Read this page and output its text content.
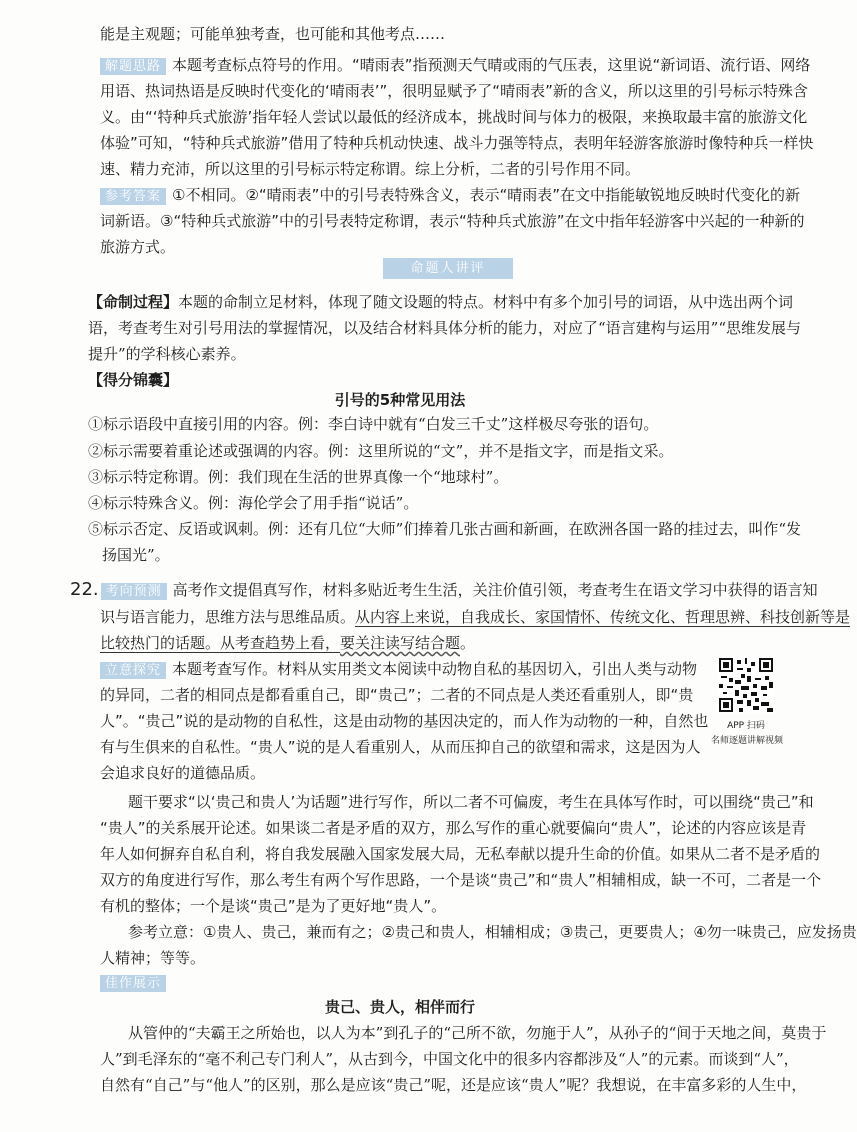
能是主观题；可能单独考查，也可能和其他考点……
解题思路 本题考查标点符号的作用。“晴雨表”指预测天气晴或雨的气压表，这里说“新词语、流行语、网络
用语、热词热语是反映时代变化的‘晴雨表’”，很明显赋予了“晴雨表”新的含义，所以这里的引号标示特殊含
义。由“‘特种兵式旅游’指年轻人尝试以最低的经济成本，挑战时间与体力的极限，来换取最丰富的旅游文化
体验”可知，“特种兵式旅游”借用了特种兵机动快速、战斗力强等特点，表明年轻游客旅游时像特种兵一样快
速、精力充沛，所以这里的引号标示特定称谓。综上分析，二者的引号作用不同。
参考答案 ①不相同。②“晴雨表”中的引号表特殊含义，表示“晴雨表”在文中指能敏锐地反映时代变化的新
词新语。③“特种兵式旅游”中的引号表特定称谓，表示“特种兵式旅游”在文中指年轻游客中兴起的一种新的
旅游方式。
命题人讲评
【命制过程】本题的命制立足材料，体现了随文设题的特点。材料中有多个加引号的词语，从中选出两个词
语，考查考生对引号用法的掌握情况，以及结合材料具体分析的能力，对应了“语言建构与运用”“思维发展与
提升”的学科核心素养。
【得分锦囊】
引号的5种常见用法
①标示语段中直接引用的内容。例：李白诗中就有“白发三千丈”这样极尽夸张的语句。
②标示需要着重论述或强调的内容。例：这里所说的“文”，并不是指文字，而是指文采。
③标示特定称谓。例：我们现在生活的世界真像一个“地球村”。
④标示特殊含义。例：海伦学会了用手指“说话”。
⑤标示否定、反语或讽刺。例：还有几位“大师”们捧着几张古画和新画，在欧洲各国一路的挂过去，叫作“发
扬国光”。
22. 考向预测 高考作文提倡真写作，材料多贴近考生生活，关注价值引领，考查考生在语文学习中获得的语言知
识与语言能力，思维方法与思维品质。从内容上来说，自我成长、家国情怀、传统文化、哲理思辨、科技创新等是
比较热门的话题。从考查趋势上看，要关注读写结合题。
立意探究 本题考查写作。材料从实用类文本阅读中动物自私的基因切入，引出人类与动物
的异同，二者的相同点是都看重自己，即“贵己”；二者的不同点是人类还看重别人，即“贵
人”。“贵己”说的是动物的自私性，这是由动物的基因决定的，而人作为动物的一种，自然也
有与生俱来的自私性。“贵人”说的是人看重别人，从而压抑自己的欲望和需求，这是因为人
会追求良好的道德品质。
APP 扫码
名师逐题讲解视频
题干要求“以‘贵己和贵人’为话题”进行写作，所以二者不可偏废，考生在具体写作时，可以围绕“贵己”和
“贵人”的关系展开论述。如果谈二者是矛盾的双方，那么写作的重心就要偏向“贵人”，论述的内容应该是青
年人如何摒弃自私自利，将自我发展融入国家发展大局，无私奉献以提升生命的价值。如果从二者不是矛盾的
双方的角度进行写作，那么考生有两个写作思路，一个是谈“贵己”和“贵人”相辅相成，缺一不可，二者是一个
有机的整体；一个是谈“贵己”是为了更好地“贵人”。
参考立意：①贵人、贵己，兼而有之；②贵己和贵人，相辅相成；③贵己，更要贵人；④勿一味贵己，应发扬贵
人精神；等等。
佳作展示
贵己、贵人，相伴而行
从管仲的“夫霸王之所始也，以人为本”到孔子的“己所不欲，勿施于人”，从孙子的“间于天地之间，莫贵于
人”到毛泽东的“毫不利己专门利人”，从古到今，中国文化中的很多内容都涉及“人”的元素。而谈到“人”，
自然有“自己”与“他人”的区别，那么是应该“贵己”呢，还是应该“贵人”呢？我想说，在丰富多彩的人生中，
